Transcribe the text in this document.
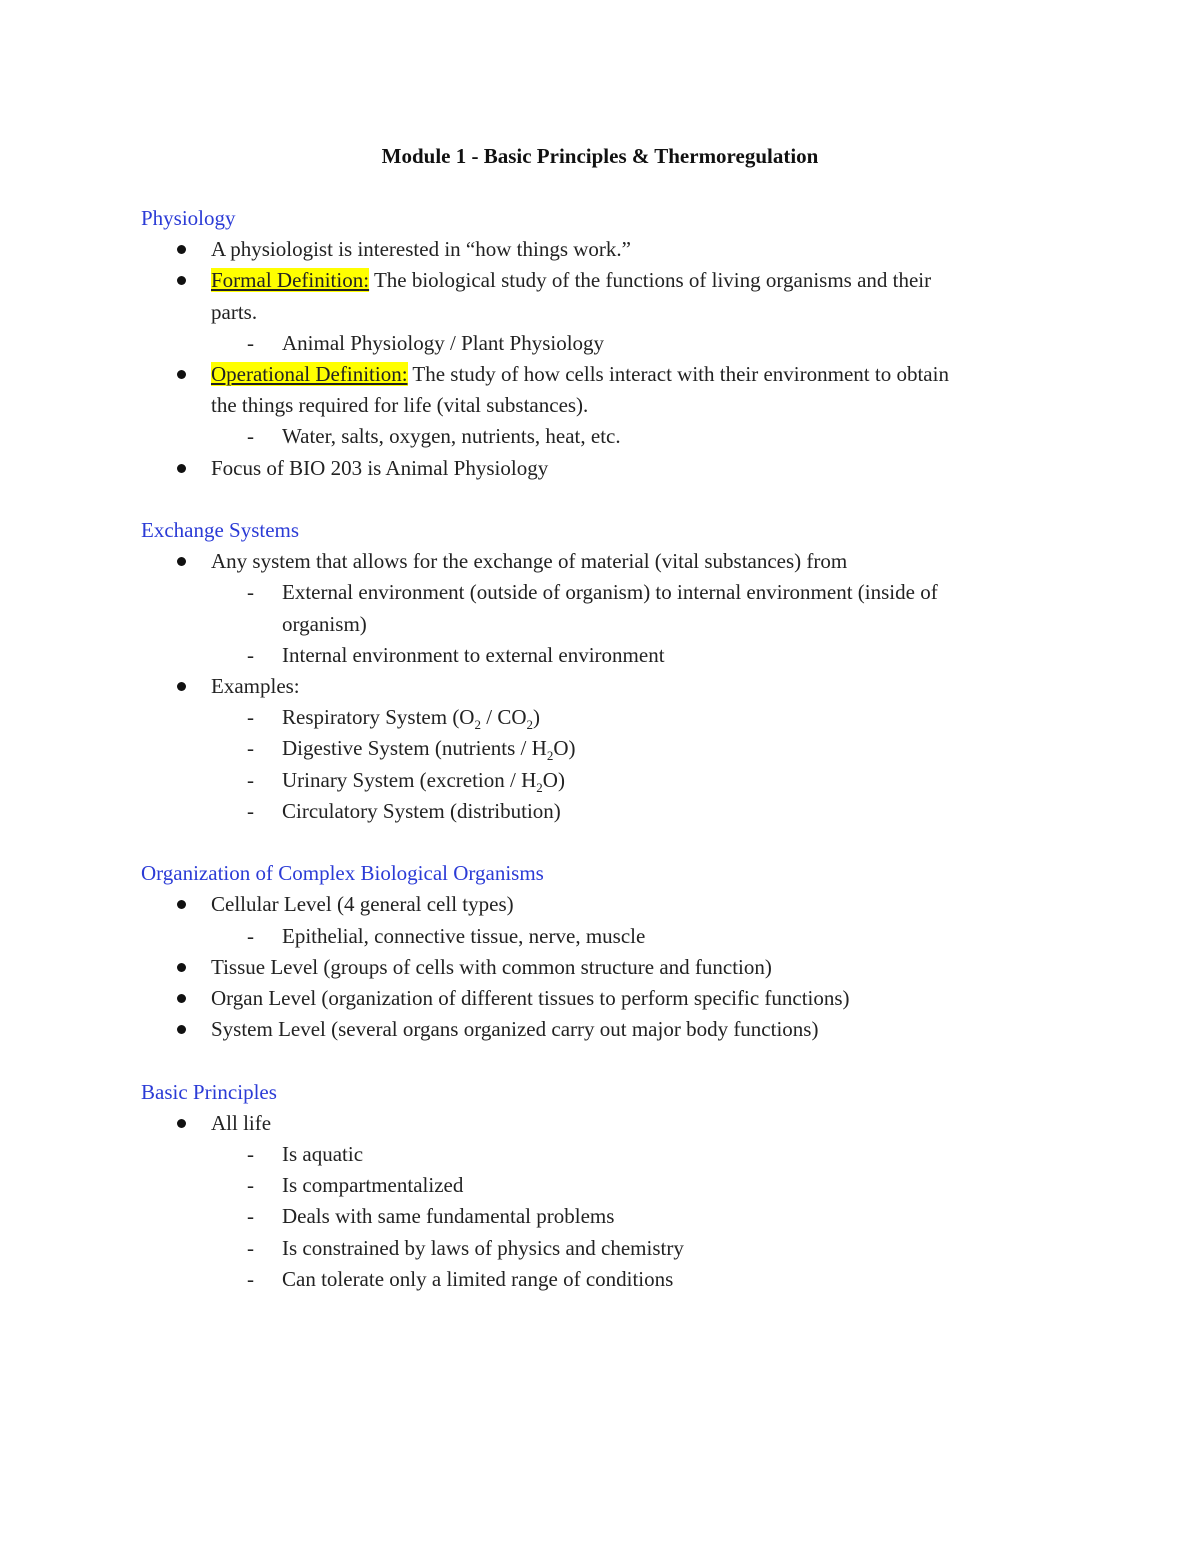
Module 1 - Basic Principles & Thermoregulation
Physiology
A physiologist is interested in “how things work.”
Formal Definition: The biological study of the functions of living organisms and their
parts.
- Animal Physiology / Plant Physiology
Operational Definition: The study of how cells interact with their environment to obtain
the things required for life (vital substances).
- Water, salts, oxygen, nutrients, heat, etc.
Focus of BIO 203 is Animal Physiology
Exchange Systems
Any system that allows for the exchange of material (vital substances) from
- External environment (outside of organism) to internal environment (inside of
organism)
- Internal environment to external environment
Examples:
- Respiratory System $(O_2 / CO_2)$
- Digestive System (nutrients / $H_2O$)
- Urinary System (excretion / $H_2O$)
- Circulatory System (distribution)
Organization of Complex Biological Organisms
Cellular Level (4 general cell types)
- Epithelial, connective tissue, nerve, muscle
Tissue Level (groups of cells with common structure and function)
Organ Level (organization of different tissues to perform specific functions)
System Level (several organs organized carry out major body functions)
Basic Principles
All life
- Is aquatic
- Is compartmentalized
- Deals with same fundamental problems
- Is constrained by laws of physics and chemistry
- Can tolerate only a limited range of conditions
